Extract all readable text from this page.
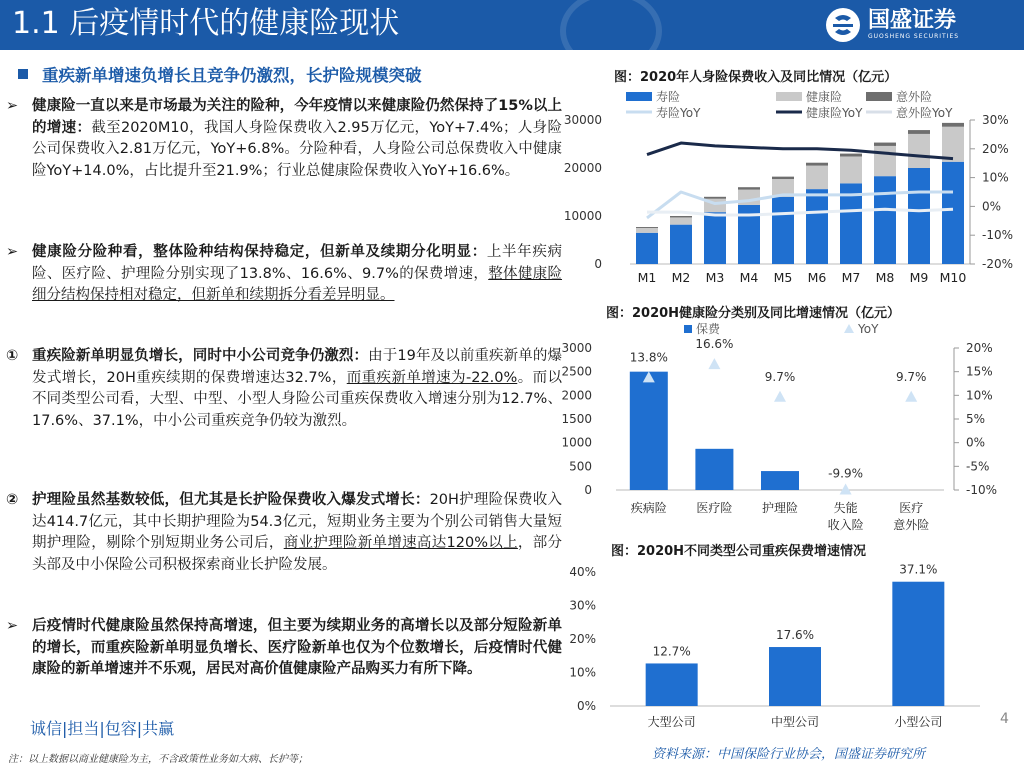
1.1 后疫情时代的健康险现状	国盛证券
GUOSHENG SECURITIES
重疾新单增速负增长且竞争仍激烈，长护险规模突破
➢ 健康险一直以来是市场最为关注的险种，今年疫情以来健康险仍然保持了15%以上的增速：截至2020M10，我国人身险保费收入2.95万亿元，YoY+7.4%；人身险公司保费收入2.81万亿元，YoY+6.8%。分险种看，人身险公司总保费收入中健康险YoY+14.0%，占比提升至21.9%；行业总健康险保费收入YoY+16.6%。
➢ 健康险分险种看，整体险种结构保持稳定，但新单及续期分化明显：上半年疾病险、医疗险、护理险分别实现了13.8%、16.6%、9.7%的保费增速，整体健康险细分结构保持相对稳定，但新单和续期拆分看差异明显。
① 重疾险新单明显负增长，同时中小公司竞争仍激烈：由于19年及以前重疾新单的爆发式增长，20H重疾续期的保费增速达32.7%，而重疾新单增速为-22.0%。而以不同类型公司看，大型、中型、小型人身险公司重疾保费收入增速分别为12.7%、17.6%、37.1%，中小公司重疾竞争仍较为激烈。
② 护理险虽然基数较低，但尤其是长护险保费收入爆发式增长：20H护理险保费收入达414.7亿元，其中长期护理险为54.3亿元，短期业务主要为个别公司销售大量短期护理险，剔除个别短期业务公司后，商业护理险新单增速高达120%以上，部分头部及中小保险公司积极探索商业长护险发展。
➢ 后疫情时代健康险虽然保持高增速，但主要为续期业务的高增长以及部分短险新单的增长，而重疾险新单明显负增长、医疗险新单也仅为个位数增长，后疫情时代健康险的新单增速并不乐观，居民对高价值健康险产品购买力有所下降。
图：2020年人身险保费收入及同比情况（亿元）
0
10000
20000
30000
-20%
-10%
0%
10%
20%
30%
M1 M2 M3 M4 M5 M6 M7 M8 M9 M10
寿险	健康险	意外险
寿险YoY	健康险YoY	意外险YoY
图：2020H健康险分类别及同比增速情况（亿元）
0
500
1000
1500
2000
2500
3000
-10%
-5%
0%
5%
10%
15%
20%
疾病险
13.8%
医疗险
16.6%
护理险
9.7%
失能
收入险
-9.9%
医疗
意外险
9.7%
保费	YoY
图：2020H不同类型公司重疾保费增速情况
0%
10%
20%
30%
40%
12.7%
大型公司
17.6%
中型公司
37.1%
小型公司
诚信|担当|包容|共赢	4
注：以上数据以商业健康险为主，不含政策性业务如大病、长护等；	资料来源：中国保险行业协会，国盛证券研究所
